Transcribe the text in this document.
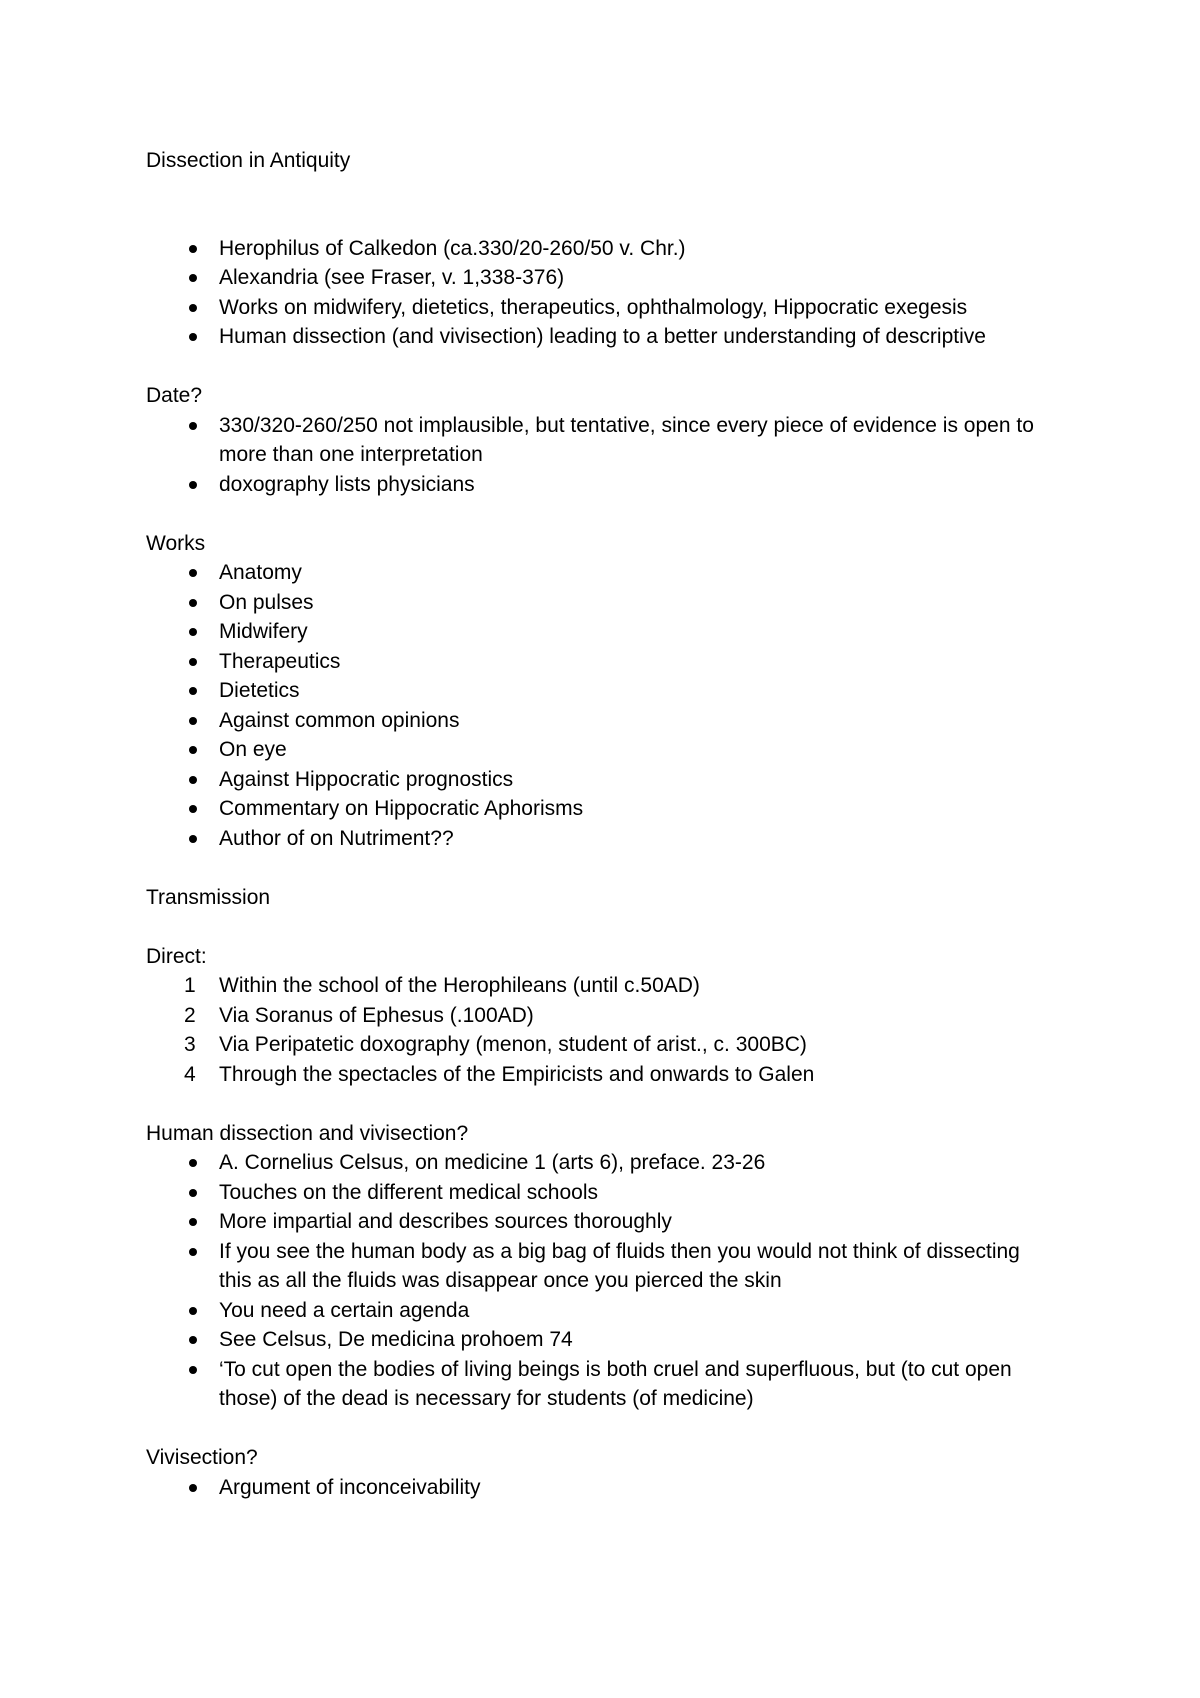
Dissection in Antiquity

Herophilus of Calkedon (ca.330/20-260/50 v. Chr.)
Alexandria (see Fraser, v. 1,338-376)
Works on midwifery, dietetics, therapeutics, ophthalmology, Hippocratic exegesis
Human dissection (and vivisection) leading to a better understanding of descriptive

Date?

330/320-260/250 not implausible, but tentative, since every piece of evidence is open to more than one interpretation
doxography lists physicians

Works

Anatomy
On pulses
Midwifery
Therapeutics
Dietetics
Against common opinions
On eye
Against Hippocratic prognostics
Commentary on Hippocratic Aphorisms
Author of on Nutriment??

Transmission

Direct:

1	Within the school of the Herophileans (until c.50AD)
2	Via Soranus of Ephesus (.100AD)
3	Via Peripatetic doxography (menon, student of arist., c. 300BC)
4	Through the spectacles of the Empiricists and onwards to Galen

Human dissection and vivisection?

A. Cornelius Celsus, on medicine 1 (arts 6), preface. 23-26
Touches on the different medical schools
More impartial and describes sources thoroughly
If you see the human body as a big bag of fluids then you would not think of dissecting this as all the fluids was disappear once you pierced the skin
You need a certain agenda
See Celsus, De medicina prohoem 74
‘To cut open the bodies of living beings is both cruel and superfluous, but (to cut open those) of the dead is necessary for students (of medicine)

Vivisection?

Argument of inconceivability
